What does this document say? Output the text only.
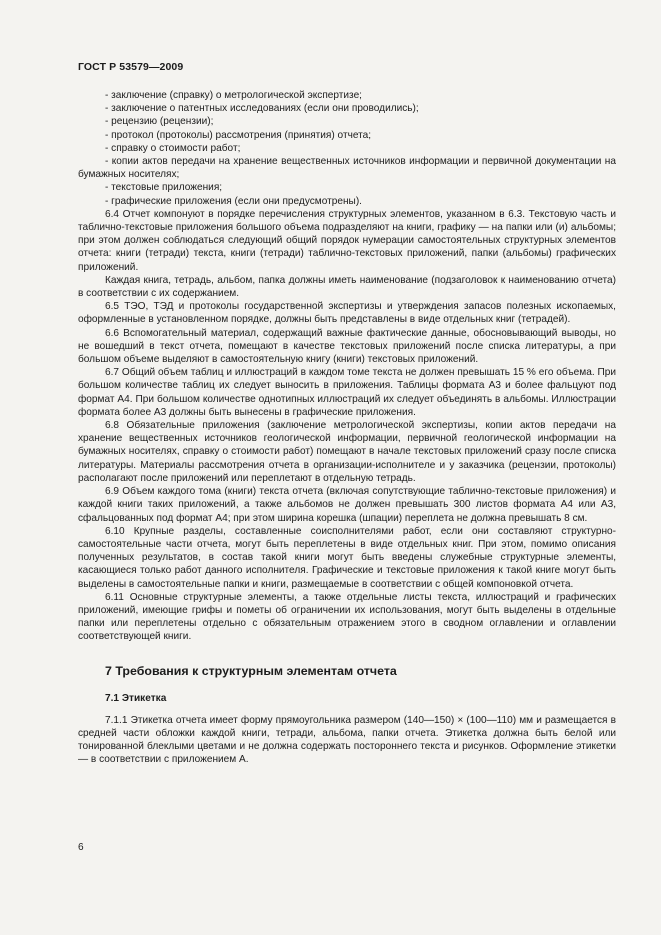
ГОСТ Р 53579—2009

- заключение (справку) о метрологической экспертизе;

- заключение о патентных исследованиях (если они проводились);

- рецензию (рецензии);

- протокол (протоколы) рассмотрения (принятия) отчета;

- справку о стоимости работ;

- копии актов передачи на хранение вещественных источников информации и первичной документации на бумажных носителях;

- текстовые приложения;

- графические приложения (если они предусмотрены).

6.4 Отчет компонуют в порядке перечисления структурных элементов, указанном в 6.3. Текстовую часть и таблично-текстовые приложения большого объема подразделяют на книги, графику — на папки или (и) альбомы; при этом должен соблюдаться следующий общий порядок нумерации самостоятельных структурных элементов отчета: книги (тетради) текста, книги (тетради) таблично-текстовых приложений, папки (альбомы) графических приложений.

Каждая книга, тетрадь, альбом, папка должны иметь наименование (подзаголовок к наименованию отчета) в соответствии с их содержанием.

6.5 ТЭО, ТЭД и протоколы государственной экспертизы и утверждения запасов полезных ископаемых, оформленные в установленном порядке, должны быть представлены в виде отдельных книг (тетрадей).

6.6 Вспомогательный материал, содержащий важные фактические данные, обосновывающий выводы, но не вошедший в текст отчета, помещают в качестве текстовых приложений после списка литературы, а при большом объеме выделяют в самостоятельную книгу (книги) текстовых приложений.

6.7 Общий объем таблиц и иллюстраций в каждом томе текста не должен превышать 15 % его объема. При большом количестве таблиц их следует выносить в приложения. Таблицы формата А3 и более фальцуют под формат А4. При большом количестве однотипных иллюстраций их следует объединять в альбомы. Иллюстрации формата более А3 должны быть вынесены в графические приложения.

6.8 Обязательные приложения (заключение метрологической экспертизы, копии актов передачи на хранение вещественных источников геологической информации, первичной геологической информации на бумажных носителях, справку о стоимости работ) помещают в начале текстовых приложений сразу после списка литературы. Материалы рассмотрения отчета в организации-исполнителе и у заказчика (рецензии, протоколы) располагают после приложений или переплетают в отдельную тетрадь.

6.9 Объем каждого тома (книги) текста отчета (включая сопутствующие таблично-текстовые приложения) и каждой книги таких приложений, а также альбомов не должен превышать 300 листов формата А4 или А3, сфальцованных под формат А4; при этом ширина корешка (шпации) переплета не должна превышать 8 см.

6.10 Крупные разделы, составленные соисполнителями работ, если они составляют структурно-самостоятельные части отчета, могут быть переплетены в виде отдельных книг. При этом, помимо описания полученных результатов, в состав такой книги могут быть введены служебные структурные элементы, касающиеся только работ данного исполнителя. Графические и текстовые приложения к такой книге могут быть выделены в самостоятельные папки и книги, размещаемые в соответствии с общей компоновкой отчета.

6.11 Основные структурные элементы, а также отдельные листы текста, иллюстраций и графических приложений, имеющие грифы и пометы об ограничении их использования, могут быть выделены в отдельные папки или переплетены отдельно с обязательным отражением этого в сводном оглавлении и оглавлении соответствующей книги.

7 Требования к структурным элементам отчета
7.1 Этикетка

7.1.1 Этикетка отчета имеет форму прямоугольника размером (140—150) × (100—110) мм и размещается в средней части обложки каждой книги, тетради, альбома, папки отчета. Этикетка должна быть белой или тонированной блеклыми цветами и не должна содержать постороннего текста и рисунков. Оформление этикетки — в соответствии с приложением А.

6
